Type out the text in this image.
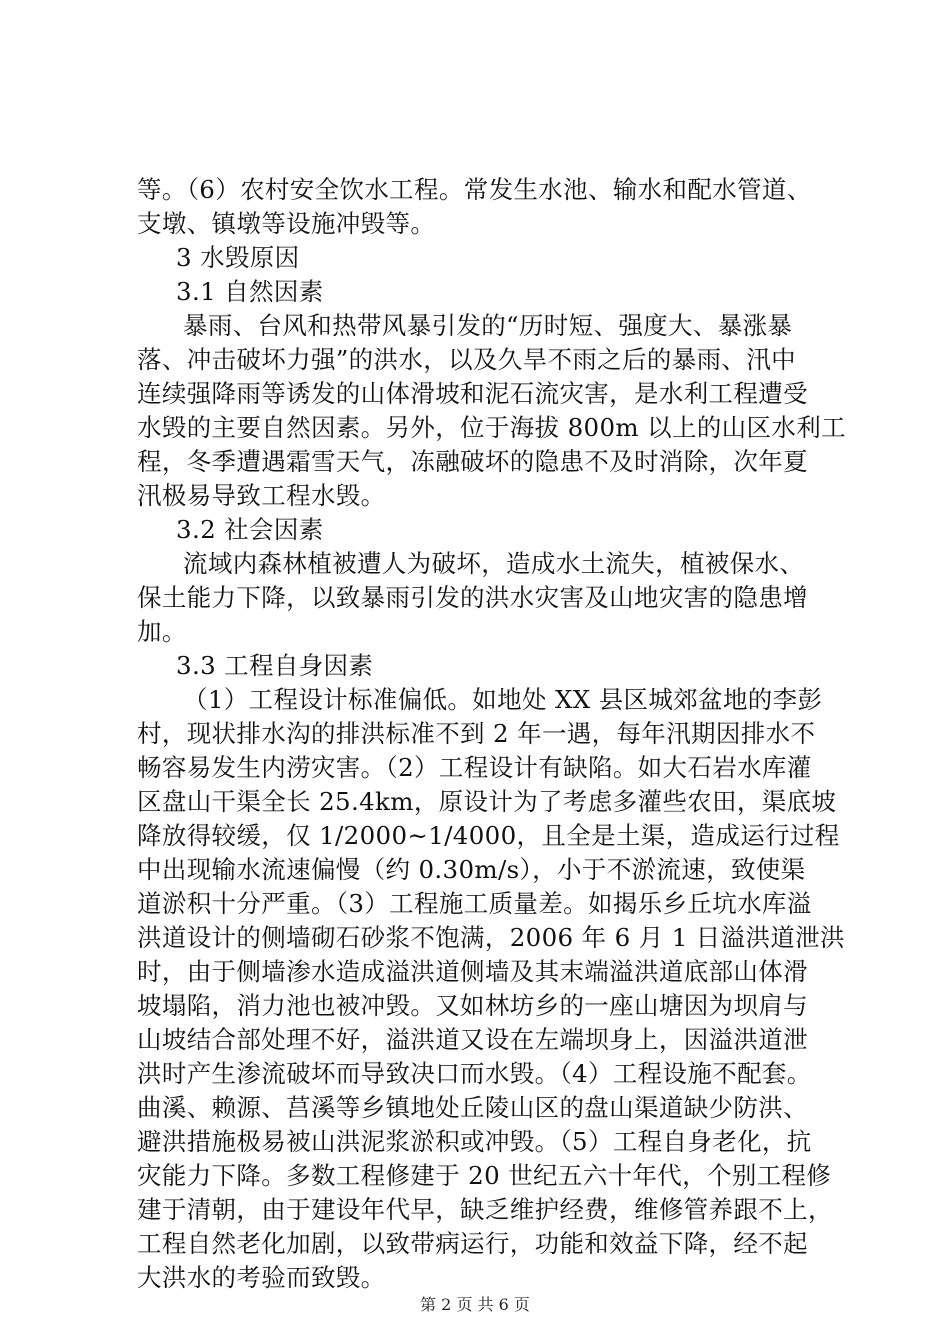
等。（6）农村安全饮水工程。常发生水池、输水和配水管道、
支墩、镇墩等设施冲毁等。
3 水毁原因
3.1 自然因素
暴雨、台风和热带风暴引发的“历时短、强度大、暴涨暴
落、冲击破坏力强”的洪水，以及久旱不雨之后的暴雨、汛中
连续强降雨等诱发的山体滑坡和泥石流灾害，是水利工程遭受
水毁的主要自然因素。另外，位于海拔 800m 以上的山区水利工
程，冬季遭遇霜雪天气，冻融破坏的隐患不及时消除，次年夏
汛极易导致工程水毁。
3.2 社会因素
流域内森林植被遭人为破坏，造成水土流失，植被保水、
保土能力下降，以致暴雨引发的洪水灾害及山地灾害的隐患增
加。
3.3 工程自身因素
（1）工程设计标准偏低。如地处 XX 县区城郊盆地的李彭
村，现状排水沟的排洪标准不到 2 年一遇，每年汛期因排水不
畅容易发生内涝灾害。（2）工程设计有缺陷。如大石岩水库灌
区盘山干渠全长 25.4km，原设计为了考虑多灌些农田，渠底坡
降放得较缓，仅 1/2000~1/4000，且全是土渠，造成运行过程
中出现输水流速偏慢（约 0.30m/s），小于不淤流速，致使渠
道淤积十分严重。（3）工程施工质量差。如揭乐乡丘坑水库溢
洪道设计的侧墙砌石砂浆不饱满，2006 年 6 月 1 日溢洪道泄洪
时，由于侧墙渗水造成溢洪道侧墙及其末端溢洪道底部山体滑
坡塌陷，消力池也被冲毁。又如林坊乡的一座山塘因为坝肩与
山坡结合部处理不好，溢洪道又设在左端坝身上，因溢洪道泄
洪时产生渗流破坏而导致决口而水毁。（4）工程设施不配套。
曲溪、赖源、莒溪等乡镇地处丘陵山区的盘山渠道缺少防洪、
避洪措施极易被山洪泥浆淤积或冲毁。（5）工程自身老化，抗
灾能力下降。多数工程修建于 20 世纪五六十年代，个别工程修
建于清朝，由于建设年代早，缺乏维护经费，维修管养跟不上，
工程自然老化加剧，以致带病运行，功能和效益下降，经不起
大洪水的考验而致毁。
第 2 页 共 6 页
